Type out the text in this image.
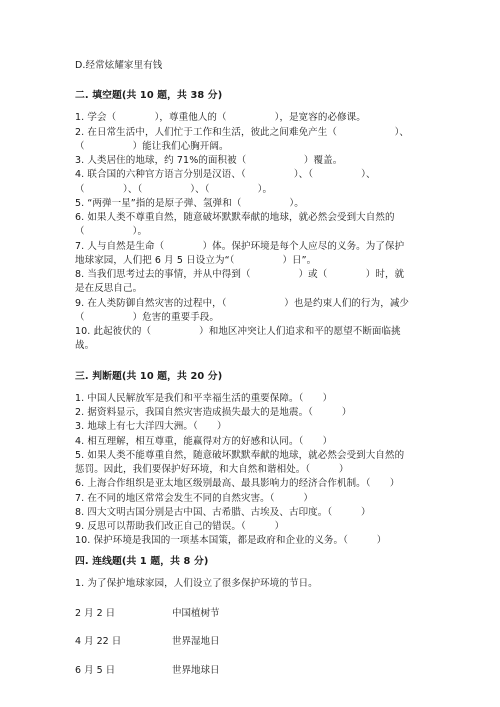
D.经常炫耀家里有钱
二. 填空题(共 10 题，共 38 分)
1. 学会（　　　　），尊重他人的（　　　　　），是宽容的必修课。
2. 在日常生活中，人们忙于工作和生活，彼此之间难免产生（　　　　　　）、
（　　　　　）能让我们心胸开阔。
3. 人类居住的地球，约 71%的面积被（　　　　　　）覆盖。
4. 联合国的六种官方语言分别是汉语、（　　　　　）、（　　　　　）、
（　　　　）、（　　　　　）、（　　　　　）。
5. “两弹一星”指的是原子弹、氢弹和（　　　　　）。
6. 如果人类不尊重自然，随意破坏默默奉献的地球，就必然会受到大自然的
（　　　　　）。
7. 人与自然是生命（　　　　）体。保护环境是每个人应尽的义务。为了保护
地球家园，人们把 6 月 5 日设立为“（　　　　　）日”。
8. 当我们思考过去的事情，并从中得到（　　　　　）或（　　　　）时，就
是在反思自己。
9. 在人类防御自然灾害的过程中，（　　　　　　）也是约束人们的行为，减少
（　　　　　）危害的重要手段。
10. 此起彼伏的（　　　　　）和地区冲突让人们追求和平的愿望不断面临挑
战。
三. 判断题(共 10 题，共 20 分)
1. 中国人民解放军是我们和平幸福生活的重要保障。（　　）
2. 据资料显示，我国自然灾害造成损失最大的是地震。（　　　）
3. 地球上有七大洋四大洲。（　　）
4. 相互理解，相互尊重，能赢得对方的好感和认同。（　　）
5. 如果人类不能尊重自然，随意破坏默默奉献的地球，就必然会受到大自然的
惩罚。因此，我们要保护好环境，和大自然和谐相处。（　　　）
6. 上海合作组织是亚太地区级别最高、最具影响力的经济合作机制。（　　）
7. 在不同的地区常常会发生不同的自然灾害。（　　　）
8. 四大文明古国分别是古中国、古希腊、古埃及、古印度。（　　　）
9. 反思可以帮助我们改正自己的错误。（　　　）
10. 保护环境是我国的一项基本国策，都是政府和企业的义务。（　　　）
四. 连线题(共 1 题，共 8 分)
1. 为了保护地球家园，人们设立了很多保护环境的节日。
2 月 2 日	中国植树节
4 月 22 日	世界湿地日
6 月 5 日	世界地球日
